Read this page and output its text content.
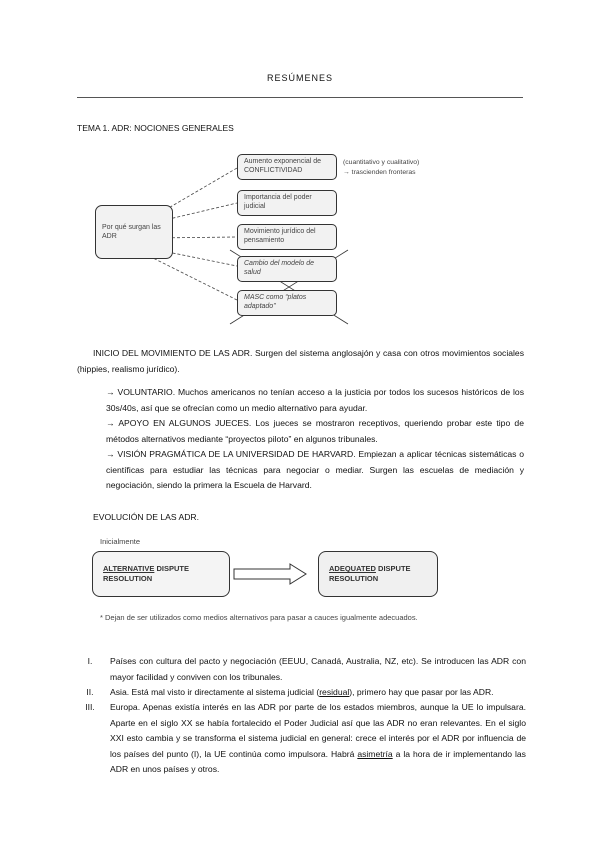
RESÚMENES
TEMA 1. ADR: NOCIONES GENERALES
Por qué surgan las ADR
Aumento exponencial de CONFLICTIVIDAD
Importancia del poder judicial
Movimiento jurídico del pensamiento
Cambio del modelo de salud
MASC como “platos adaptado”
(cuantitativo y cualitativo)
→ trascienden fronteras
INICIO DEL MOVIMIENTO DE LAS ADR. Surgen del sistema anglosajón y casa con otros movimientos sociales (hippies, realismo jurídico).
→ VOLUNTARIO. Muchos americanos no tenían acceso a la justicia por todos los sucesos históricos de los 30s/40s, así que se ofrecían como un medio alternativo para ayudar.
→ APOYO EN ALGUNOS JUECES. Los jueces se mostraron receptivos, queriendo probar este tipo de métodos alternativos mediante “proyectos piloto” en algunos tribunales.
→ VISIÓN PRAGMÁTICA DE LA UNIVERSIDAD DE HARVARD. Empiezan a aplicar técnicas sistemáticas o científicas para estudiar las técnicas para negociar o mediar. Surgen las escuelas de mediación y negociación, siendo la primera la Escuela de Harvard.
EVOLUCIÓN DE LAS ADR.
Inicialmente
ALTERNATIVE DISPUTE
RESOLUTION
ADEQUATED DISPUTE
RESOLUTION
* Dejan de ser utilizados como medios alternativos para pasar a cauces igualmente adecuados.
I.	Países con cultura del pacto y negociación (EEUU, Canadá, Australia, NZ, etc). Se introducen las ADR con mayor facilidad y conviven con los tribunales.
II.	Asia. Está mal visto ir directamente al sistema judicial (residual), primero hay que pasar por las ADR.
III.	Europa. Apenas existía interés en las ADR por parte de los estados miembros, aunque la UE lo impulsara. Aparte en el siglo XX se había fortalecido el Poder Judicial así que las ADR no eran relevantes. En el siglo XXI esto cambia y se transforma el sistema judicial en general: crece el interés por el ADR por influencia de los países del punto (I), la UE continúa como impulsora. Habrá asimetría a la hora de ir implementando las ADR en unos países y otros.
